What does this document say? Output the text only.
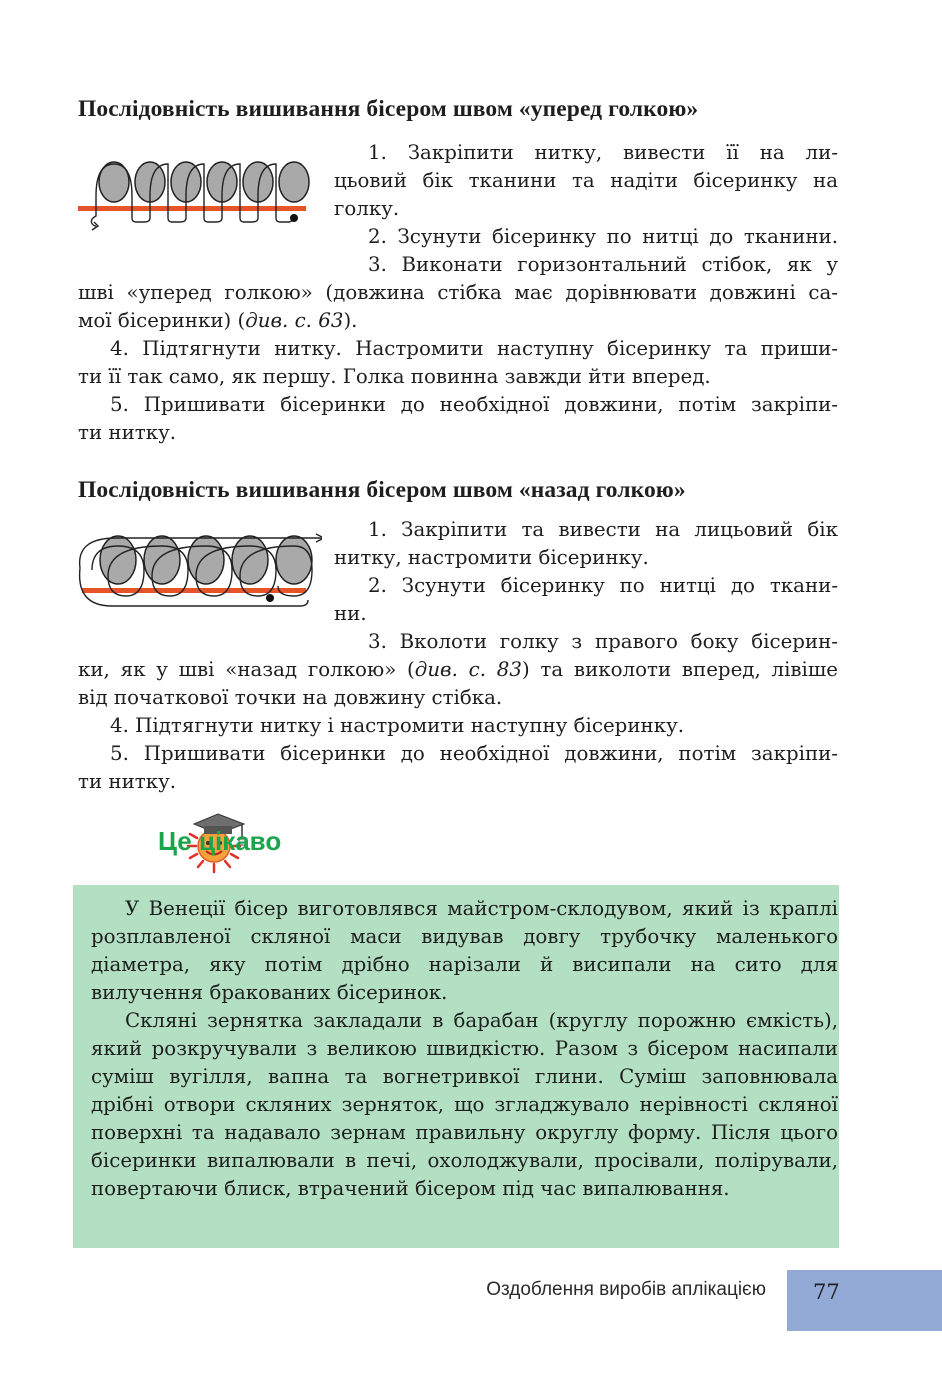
Послідовність вишивання бісером швом «уперед голкою»

1. Закріпити нитку, вивести її на ли-

цьовий бік тканини та надіти бісеринку на

голку.

2. Зсунути бісеринку по нитці до тканини.

3. Виконати горизонтальний стібок, як у

шві «уперед голкою» (довжина стібка має дорівнювати довжині са-

мої бісеринки) (див. с. 63).

4. Підтягнути нитку. Настромити наступну бісеринку та приши-

ти її так само, як першу. Голка повинна завжди йти вперед.

5. Пришивати бісеринки до необхідної довжини, потім закріпи-

ти нитку.

Послідовність вишивання бісером швом «назад голкою»

1. Закріпити та вивести на лицьовий бік

нитку, настромити бісеринку.

2. Зсунути бісеринку по нитці до ткани-

ни.

3. Вколоти голку з правого боку бісерин-

ки, як у шві «назад голкою» (див. с. 83) та виколоти вперед, лівіше

від початкової точки на довжину стібка.

4. Підтягнути нитку і настромити наступну бісеринку.

5. Пришивати бісеринки до необхідної довжини, потім закріпи-

ти нитку.

Це цікаво

У Венеції бісер виготовлявся майстром-склодувом, який із краплі розплавленої скляної маси видував довгу трубочку маленького діаметра, яку потім дрібно нарізали й висипали на сито для вилучення бракованих бісеринок.

Скляні зернятка закладали в барабан (круглу порожню ємкість), який розкручували з великою швидкістю. Разом з бісером насипали суміш вугілля, вапна та вогнетривкої глини. Суміш заповнювала дрібні отвори скляних зерняток, що згладжувало нерівності скляної поверхні та надавало зернам правильну округлу форму. Після цього бісеринки випалювали в печі, охолоджували, просівали, полірували, повертаючи блиск, втрачений бісером під час випалювання.

Оздоблення виробів аплікацією 77
